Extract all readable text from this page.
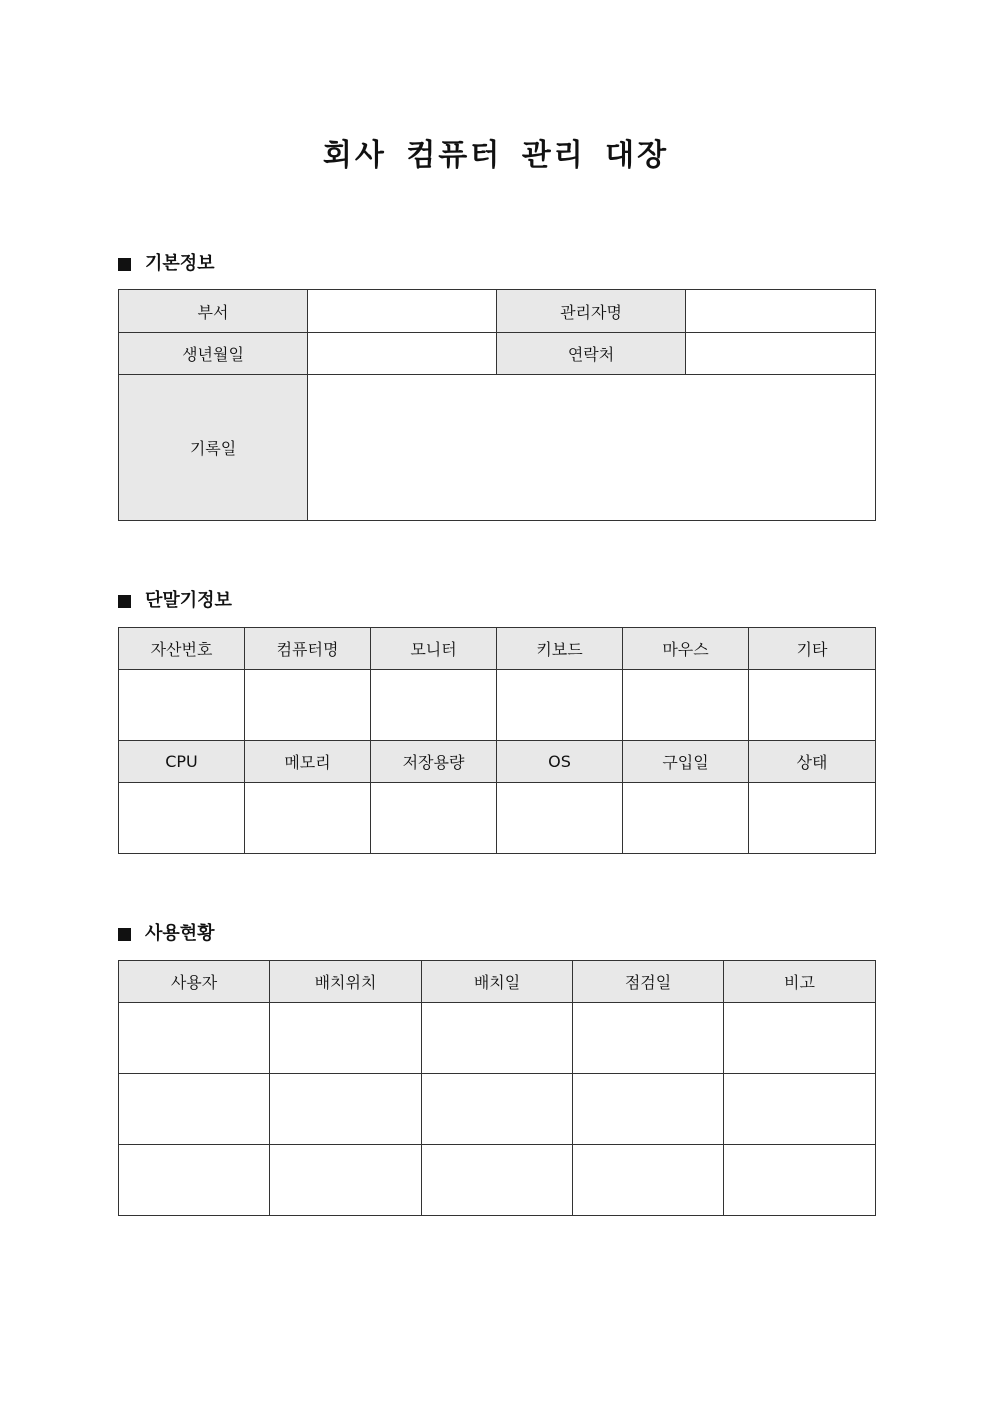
회사 컴퓨터 관리 대장
기본정보
부서		관리자명	
생년월일		연락처	
기록일			
단말기정보
자산번호	컴퓨터명	모니터	키보드	마우스	기타

CPU	메모리	저장용량	OS	구입일	상태

사용현황
사용자	배치위치	배치일	점검일	비고
